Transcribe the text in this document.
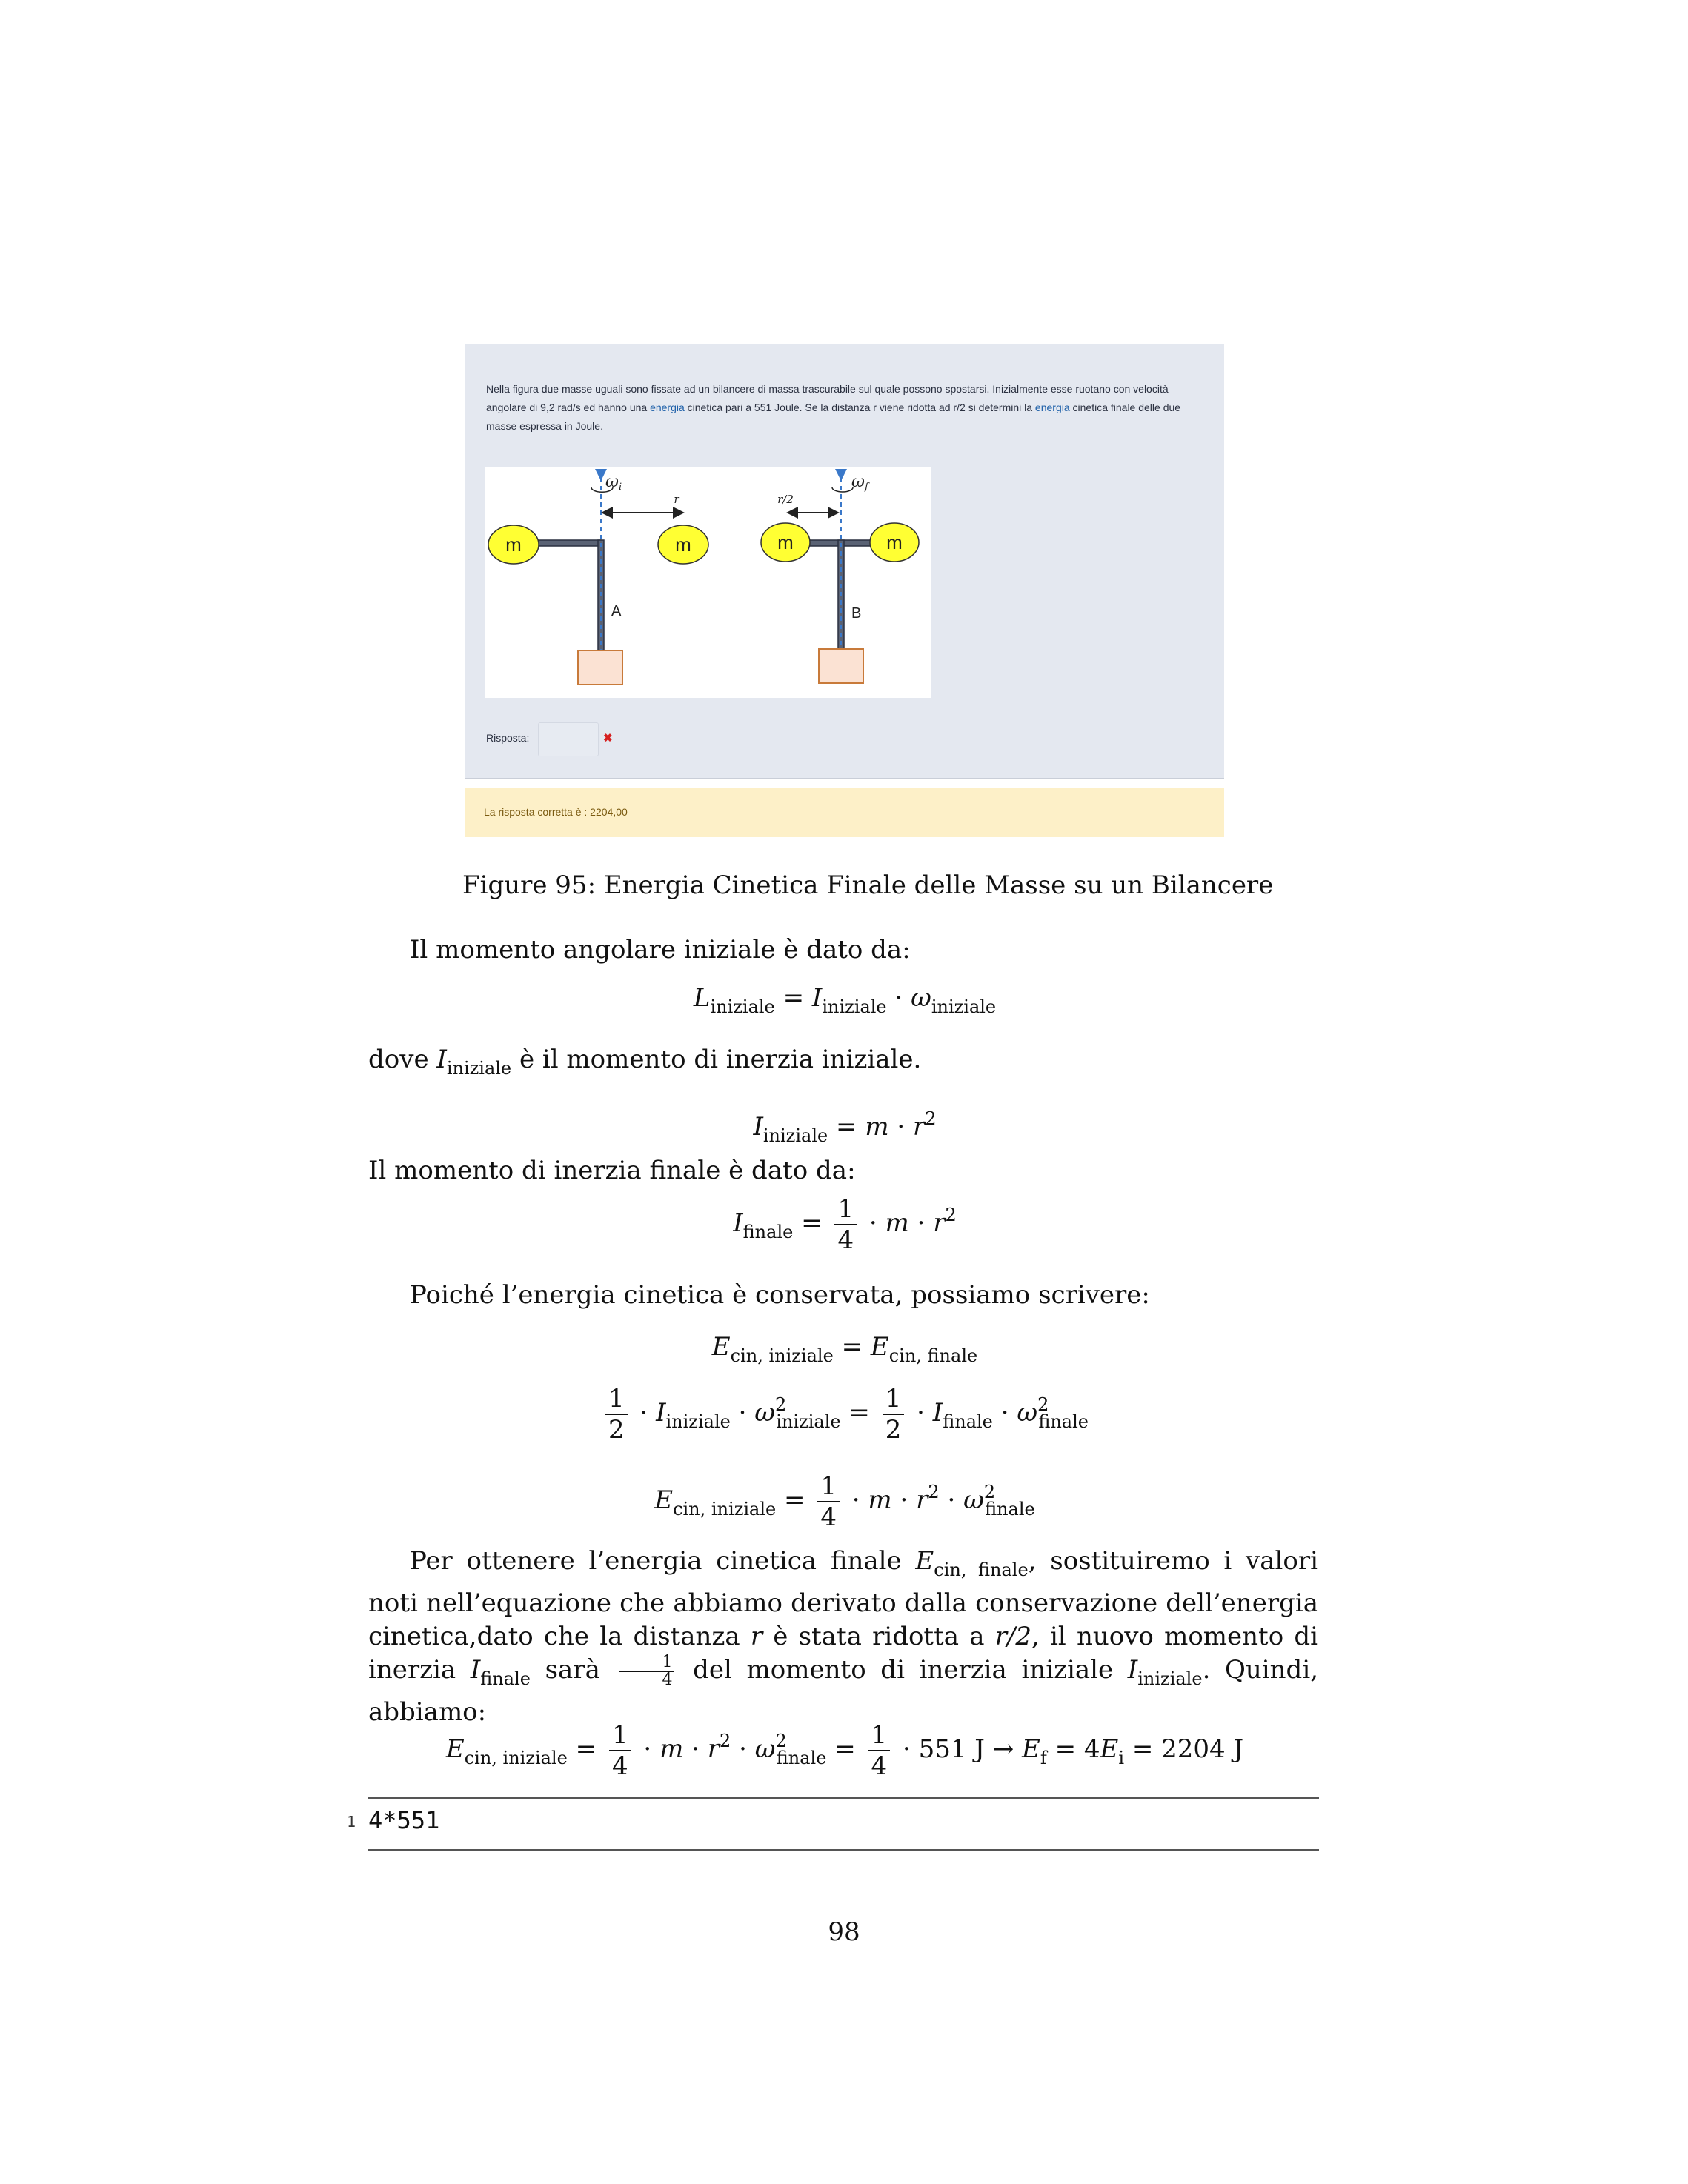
Nella figura due masse uguali sono fissate ad un bilancere di massa trascurabile sul quale possono spostarsi. Inizialmente esse ruotano con velocità angolare di 9,2 rad/s ed hanno una energia cinetica pari a 551 Joule. Se la distanza r viene ridotta ad r/2 si determini la energia cinetica finale delle due masse espressa in Joule.
m	m
A
r
ωi
m	m
B
r/2
ωf
Risposta:	✖
La risposta corretta è : 2204,00
Figure 95: Energia Cinetica Finale delle Masse su un Bilancere
Il momento angolare iniziale è dato da:
$L_{iniziale} = I_{iniziale} \cdot \omega_{iniziale}$
dove $I_{iniziale}$ è il momento di inerzia iniziale.
$I_{iniziale} = m \cdot r^2$
Il momento di inerzia finale è dato da:
$I_{finale} = \frac{1}{4} \cdot m \cdot r^2$
Poiché l’energia cinetica è conservata, possiamo scrivere:
$E_{cin, iniziale} = E_{cin, finale}$
$\frac{1}{2} \cdot I_{iniziale} \cdot \omega^2_{iniziale} = \frac{1}{2} \cdot I_{finale} \cdot \omega^2_{finale}$
$E_{cin, iniziale} = \frac{1}{4} \cdot m \cdot r^2 \cdot \omega^2_{finale}$
Per ottenere l’energia cinetica finale $E_{cin, finale}$, sostituiremo i valori noti nell’equazione che abbiamo derivato dalla conservazione dell’energia cinetica,dato che la distanza r è stata ridotta a r/2, il nuovo momento di inerzia $I_{finale}$ sarà $\frac{1}{4}$ del momento di inerzia iniziale $I_{iniziale}$. Quindi, abbiamo:
$E_{cin, iniziale} = \frac{1}{4} \cdot m \cdot r^2 \cdot \omega^2_{finale} = \frac{1}{4} \cdot 551$ $J \to E_f = 4E_i = 2204$ J
1 4*551
98
